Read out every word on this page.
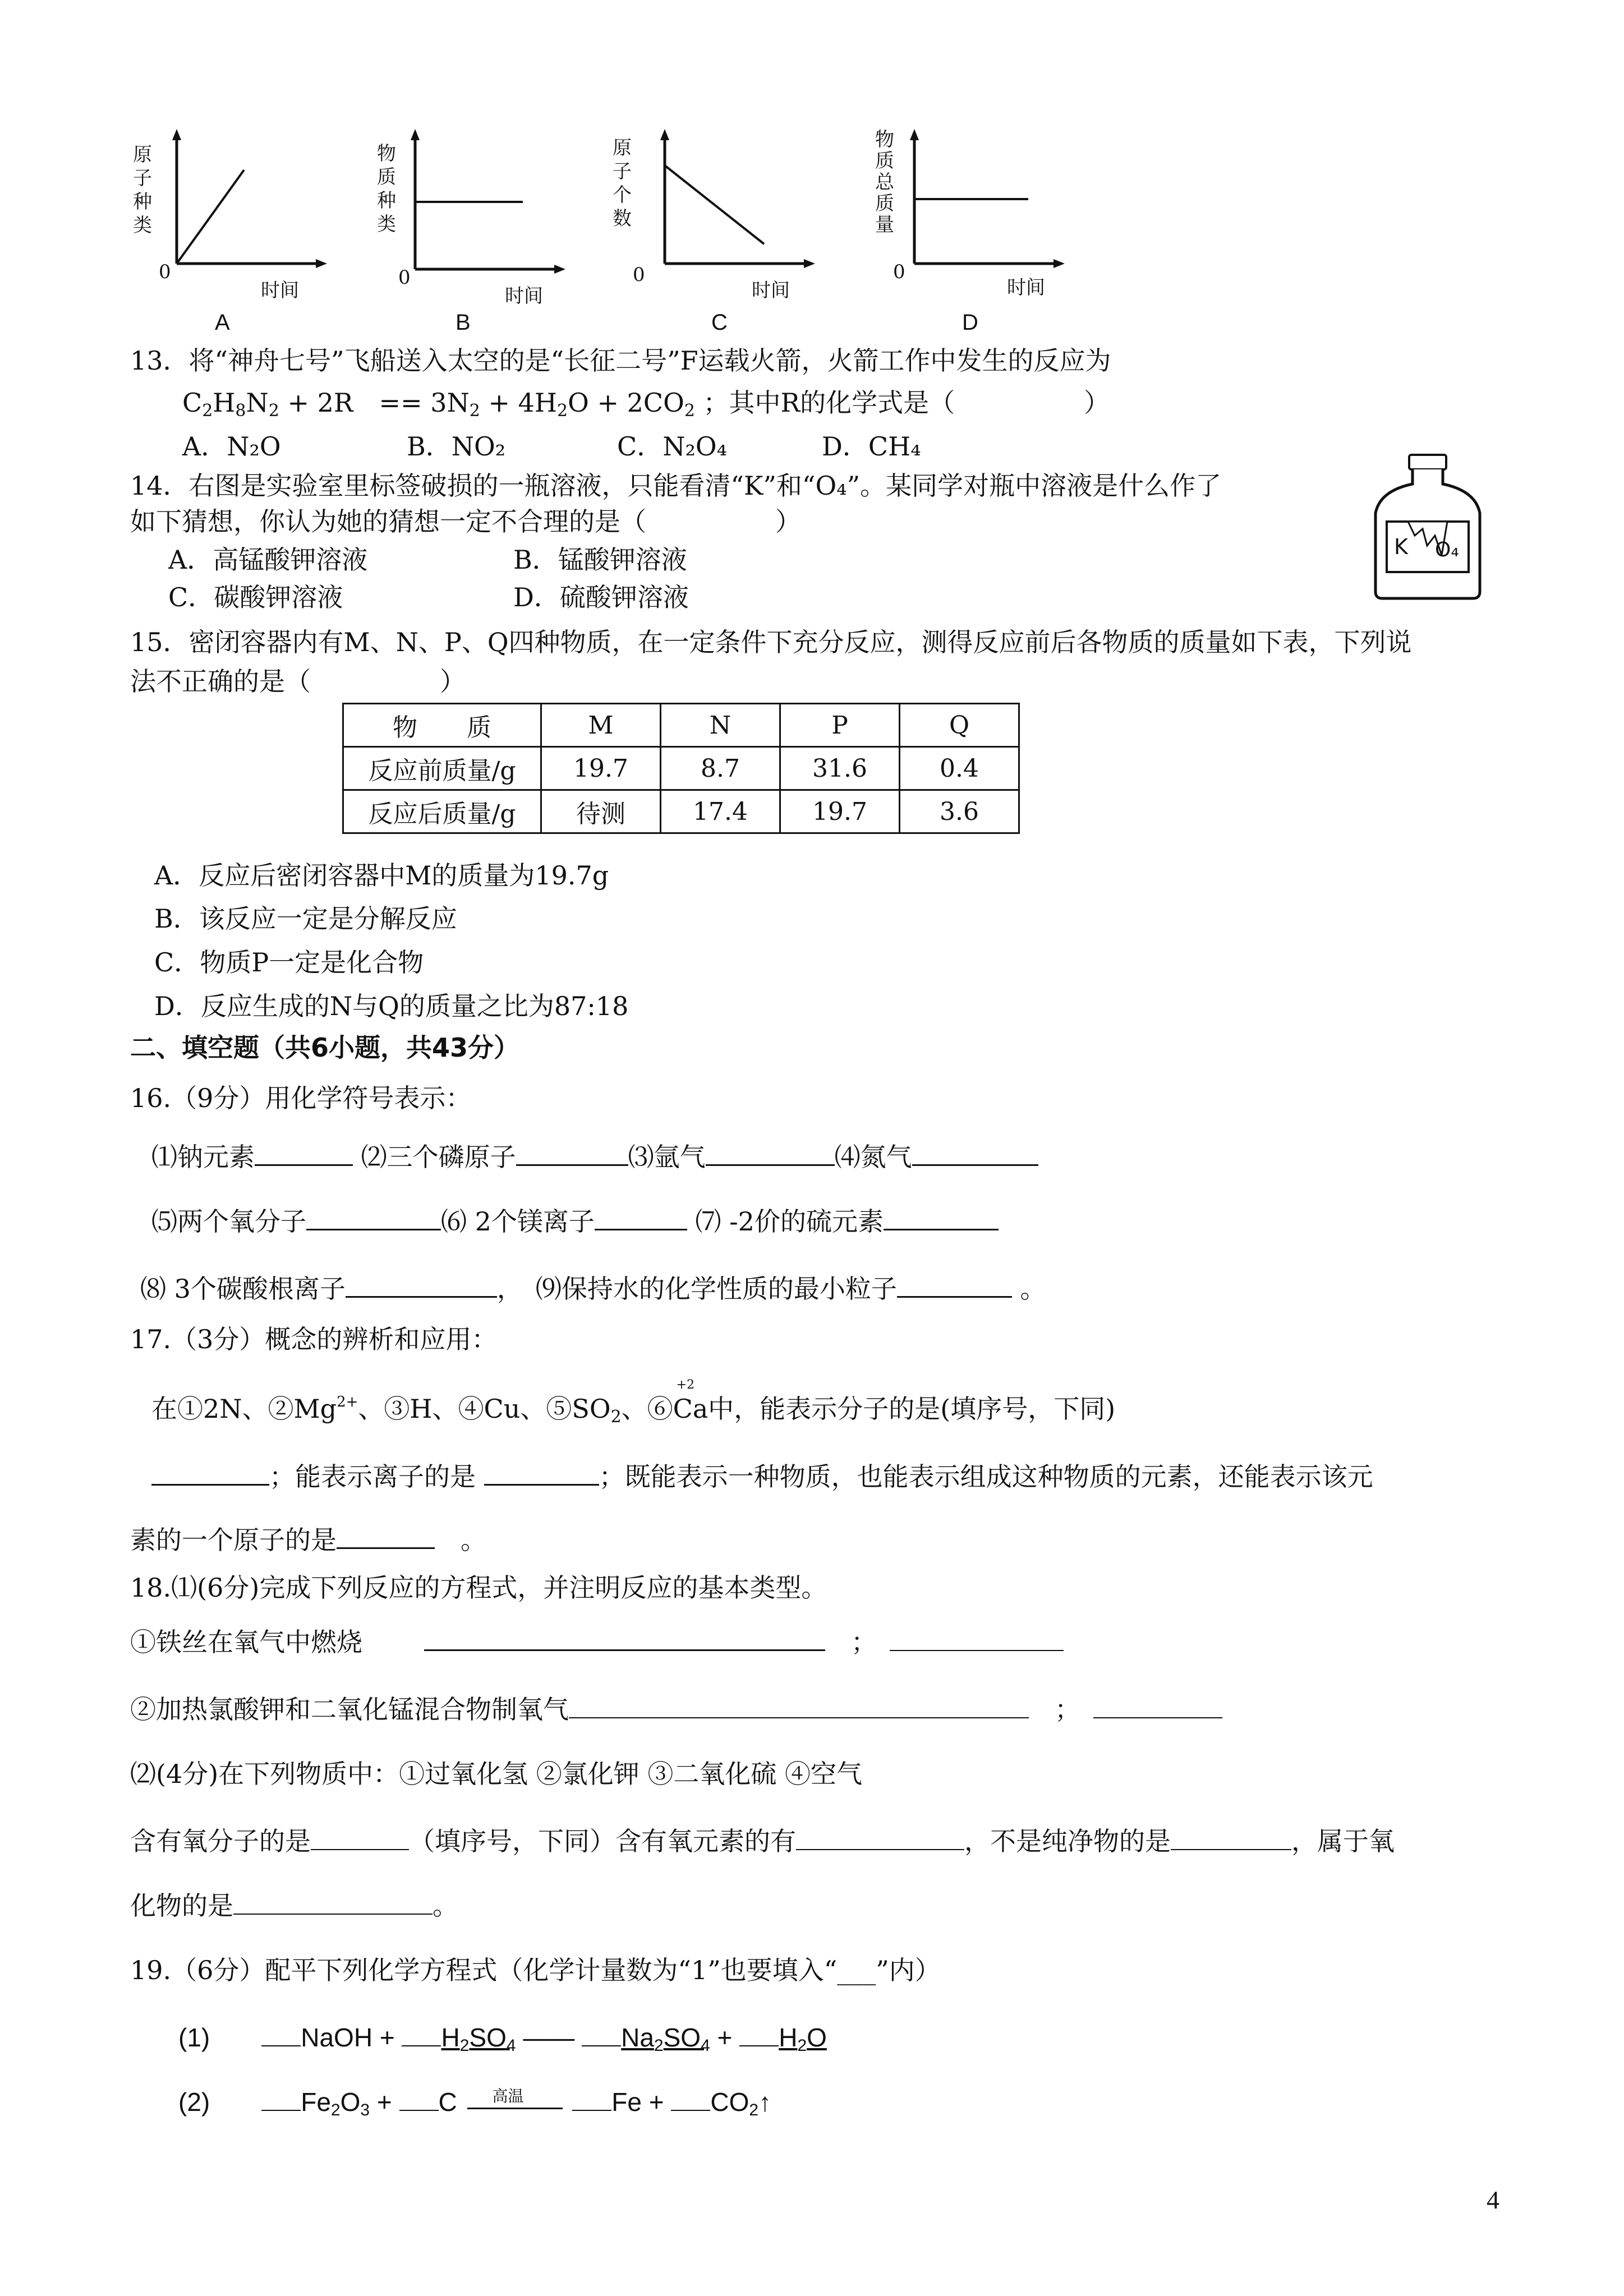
原子种类
0
时间
A
物质种类
0
时间
B
原子个数
0
时间
C
物质总质量
0
时间
D
13．将“神舟七号”飞船送入太空的是“长征二号”F运载火箭，火箭工作中发生的反应为
$C_2H_8N_2 + 2R$　== $3N_2 + 4H_2O + 2CO_2$ ；其中R的化学式是（　　　　　）
A．N₂O	B．NO₂	C．N₂O₄	D．CH₄
14．右图是实验室里标签破损的一瓶溶液，只能看清“K”和“O₄”。某同学对瓶中溶液是什么作了
如下猜想，你认为她的猜想一定不合理的是（　　　　　）
A．高锰酸钾溶液	B．锰酸钾溶液
C．碳酸钾溶液	D．硫酸钾溶液
K O₄
15．密闭容器内有M、N、P、Q四种物质，在一定条件下充分反应，测得反应前后各物质的质量如下表，下列说
法不正确的是（　　　　　）
物　　质	M	N	P	Q
反应前质量/g	19.7	8.7	31.6	0.4
反应后质量/g	待测	17.4	19.7	3.6
A．反应后密闭容器中M的质量为19.7g
B．该反应一定是分解反应
C．物质P一定是化合物
D．反应生成的N与Q的质量之比为87:18
二、填空题（共6小题，共43分）
16.（9分）用化学符号表示：
⑴钠元素	⑵三个磷原子	⑶氩气	⑷氮气
⑸两个氧分子	⑹ 2个镁离子	⑺ -2价的硫元素
⑻ 3个碳酸根离子	，　⑼保持水的化学性质的最小粒子	。
17.（3分）概念的辨析和应用：
在①2N、$②Mg^{2+}$、③H、④Cu、$⑤SO_2$、⑥Ca
+2
中，能表示分子的是(填序号，下同)
；能表示离子的是	；既能表示一种物质，也能表示组成这种物质的元素，还能表示该元
素的一个原子的是　	。
18.⑴(6分)完成下列反应的方程式，并注明反应的基本类型。
①铁丝在氧气中燃烧　	；　
②加热氯酸钾和二氧化锰混合物制氧气　	；　
⑵(4分)在下列物质中：①过氧化氢 ②氯化钾 ③二氧化硫 ④空气
含有氧分子的是	（填序号，下同）含有氧元素的有	，不是纯净物的是	，属于氧
化物的是	。
19.（6分）配平下列化学方程式（化学计量数为“1”也要填入“___”内）
(1)　　	NaOH + $H_2SO_4$ —— $Na_2SO_4 + H_2O$
(2)　　	$Fe_2O_3 + C$ 高温	$Fe + CO_2↑$
4
